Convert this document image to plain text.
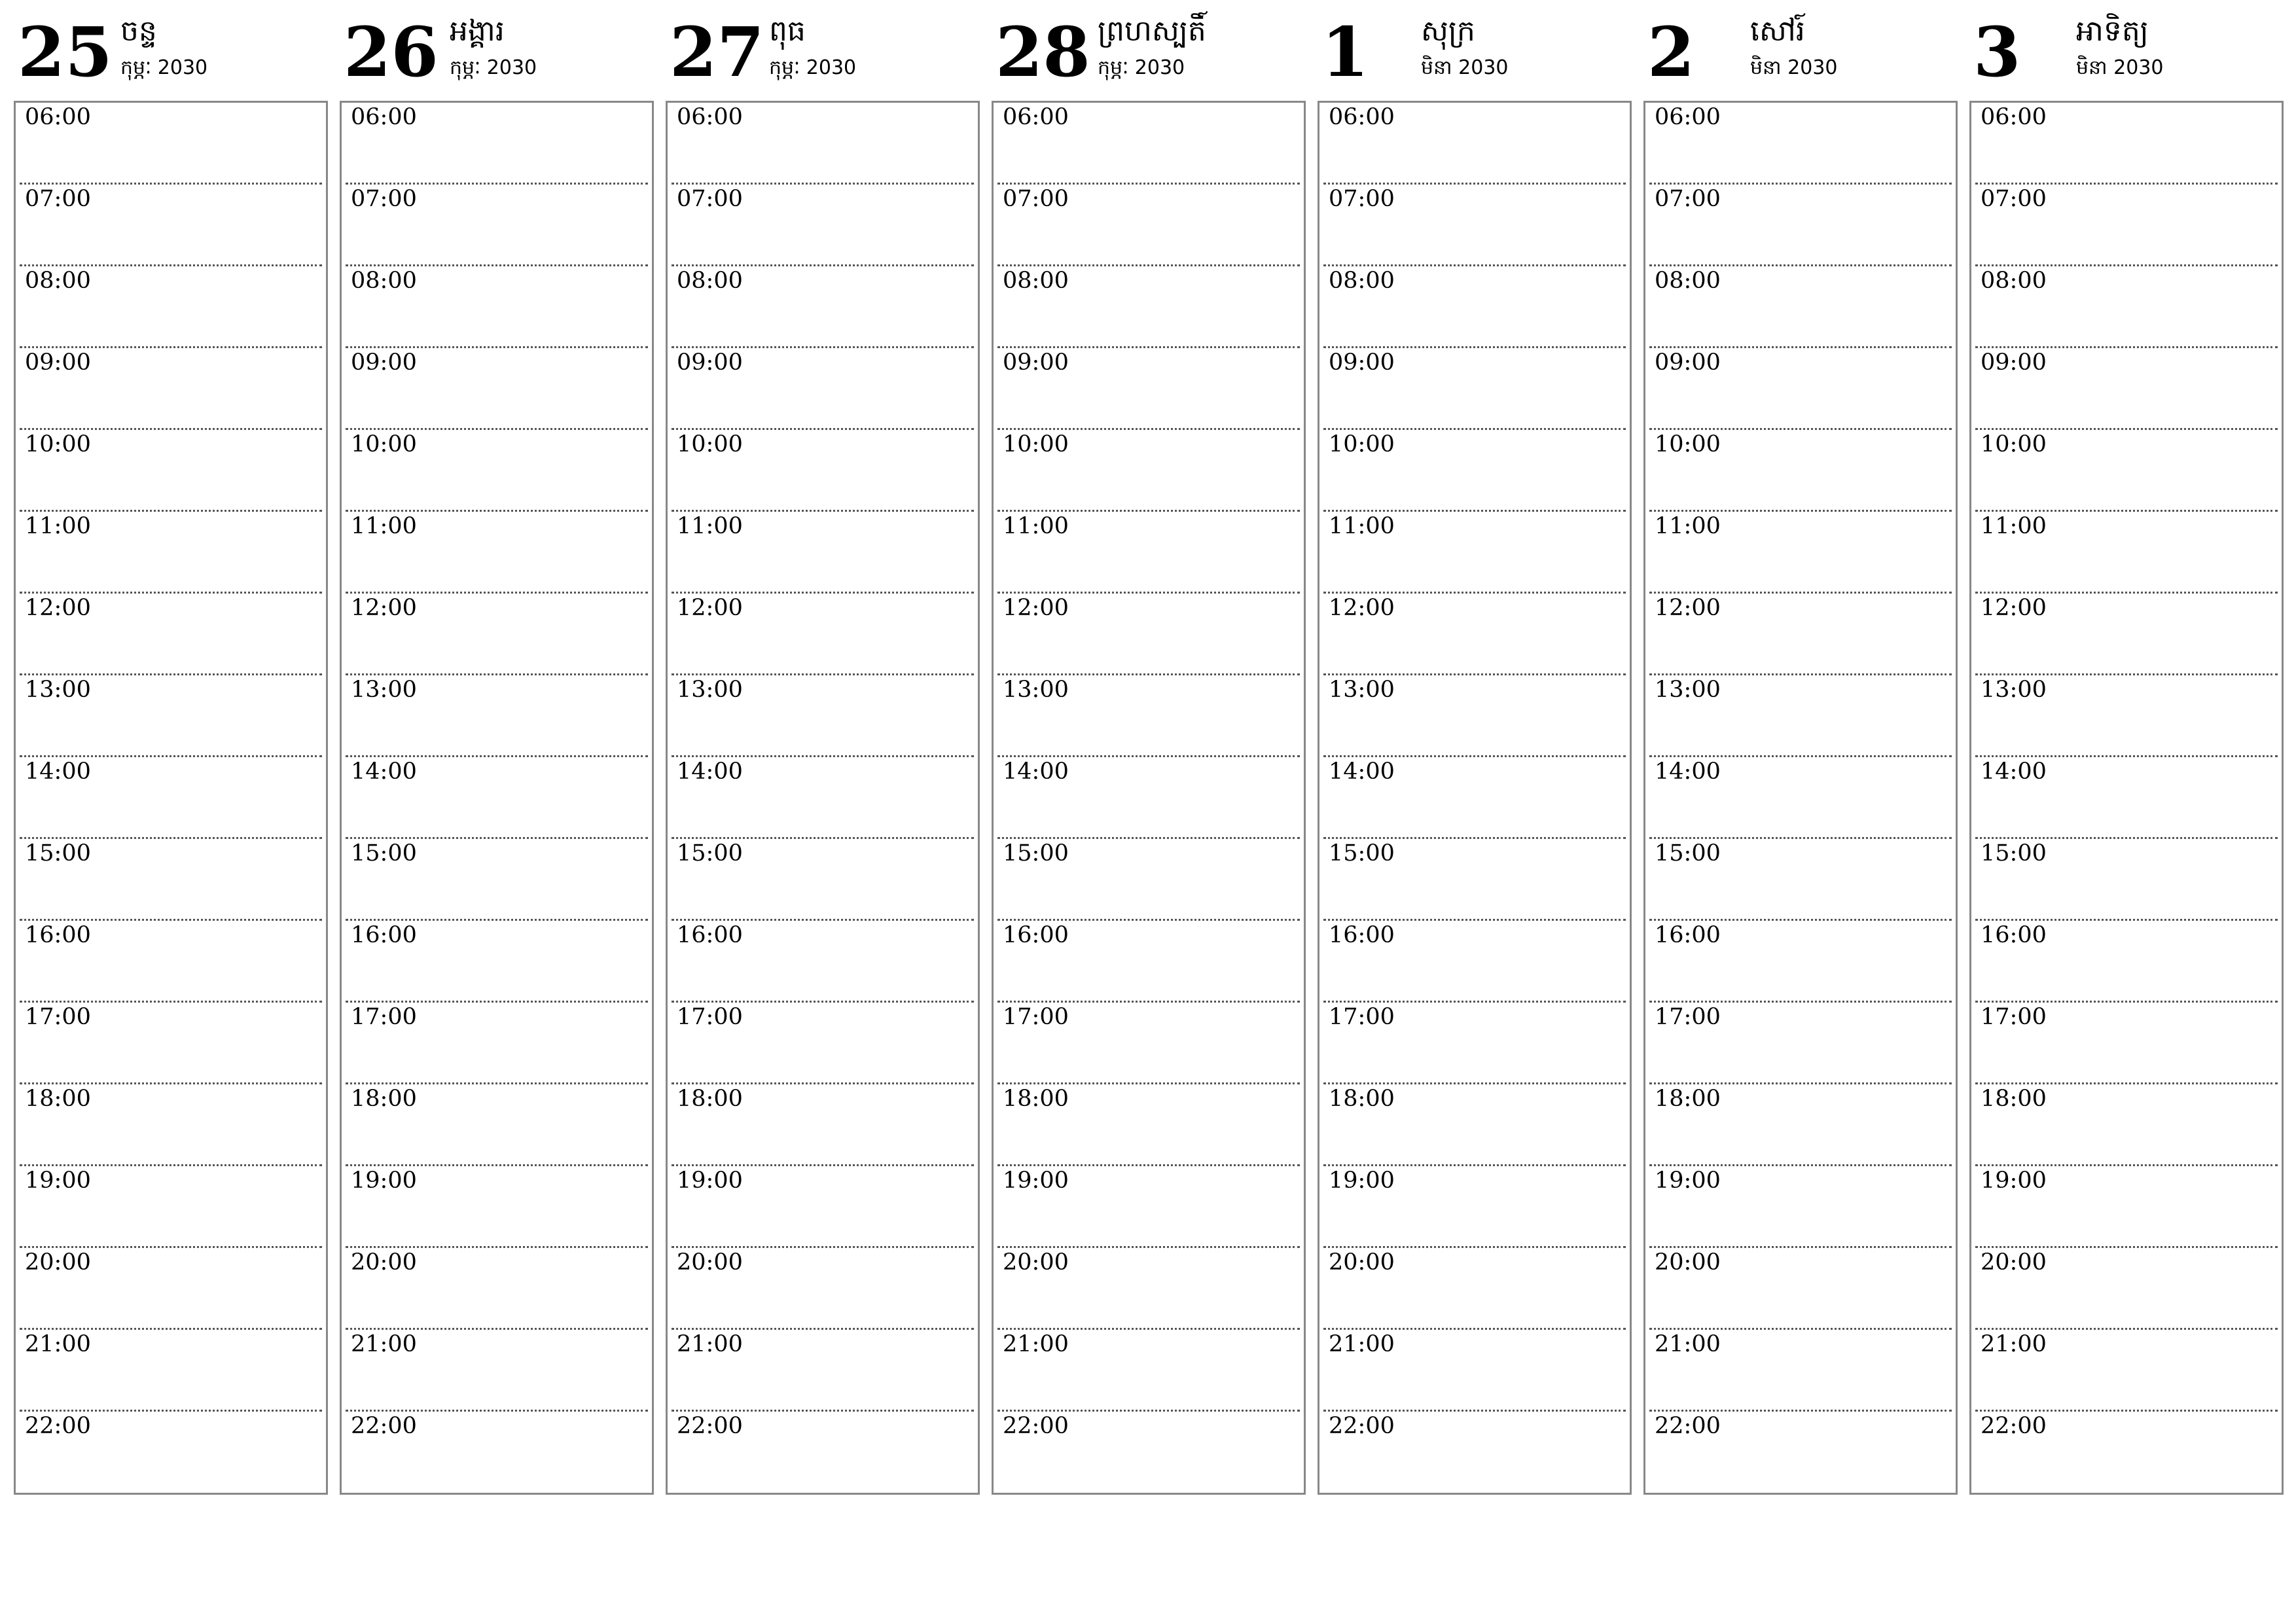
25 ចន្ទ
កុម្ភៈ 2030
06:00
07:00
08:00
09:00
10:00
11:00
12:00
13:00
14:00
15:00
16:00
17:00
18:00
19:00
20:00
21:00
22:00
26 អង្គារ
កុម្ភៈ 2030
06:00
07:00
08:00
09:00
10:00
11:00
12:00
13:00
14:00
15:00
16:00
17:00
18:00
19:00
20:00
21:00
22:00
27 ពុធ
កុម្ភៈ 2030
06:00
07:00
08:00
09:00
10:00
11:00
12:00
13:00
14:00
15:00
16:00
17:00
18:00
19:00
20:00
21:00
22:00
28 ព្រហស្បតិ៍
កុម្ភៈ 2030
06:00
07:00
08:00
09:00
10:00
11:00
12:00
13:00
14:00
15:00
16:00
17:00
18:00
19:00
20:00
21:00
22:00
1 សុក្រ
មិនា 2030
06:00
07:00
08:00
09:00
10:00
11:00
12:00
13:00
14:00
15:00
16:00
17:00
18:00
19:00
20:00
21:00
22:00
2 សៅរ៍
មិនា 2030
06:00
07:00
08:00
09:00
10:00
11:00
12:00
13:00
14:00
15:00
16:00
17:00
18:00
19:00
20:00
21:00
22:00
3 អាទិត្យ
មិនា 2030
06:00
07:00
08:00
09:00
10:00
11:00
12:00
13:00
14:00
15:00
16:00
17:00
18:00
19:00
20:00
21:00
22:00
